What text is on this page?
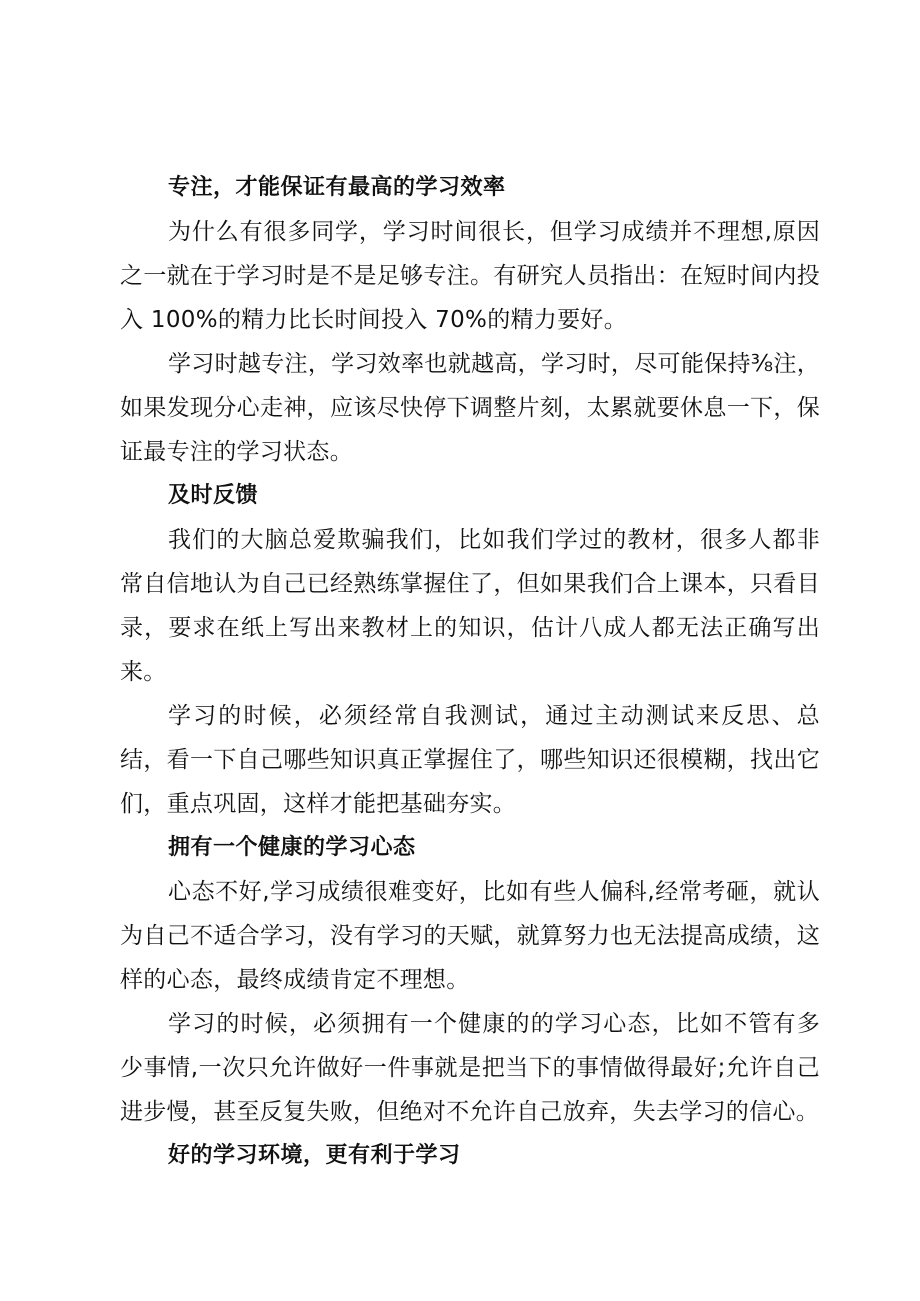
专注，才能保证有最高的学习效率

为什么有很多同学，学习时间很长，但学习成绩并不理想,原因之一就在于学习时是不是足够专注。有研究人员指出：在短时间内投入 100%的精力比长时间投入 70%的精力要好。

学习时越专注，学习效率也就越高，学习时，尽可能保持⅜注，如果发现分心走神，应该尽快停下调整片刻，太累就要休息一下，保证最专注的学习状态。

及时反馈

我们的大脑总爱欺骗我们，比如我们学过的教材，很多人都非常自信地认为自己已经熟练掌握住了，但如果我们合上课本，只看目录，要求在纸上写出来教材上的知识，估计八成人都无法正确写出来。

学习的时候，必须经常自我测试，通过主动测试来反思、总结，看一下自己哪些知识真正掌握住了，哪些知识还很模糊，找出它们，重点巩固，这样才能把基础夯实。

拥有一个健康的学习心态

心态不好,学习成绩很难变好，比如有些人偏科,经常考砸，就认为自己不适合学习，没有学习的天赋，就算努力也无法提高成绩，这样的心态，最终成绩肯定不理想。

学习的时候，必须拥有一个健康的的学习心态，比如不管有多少事情,一次只允许做好一件事就是把当下的事情做得最好;允许自己进步慢，甚至反复失败，但绝对不允许自己放弃，失去学习的信心。

好的学习环境，更有利于学习
